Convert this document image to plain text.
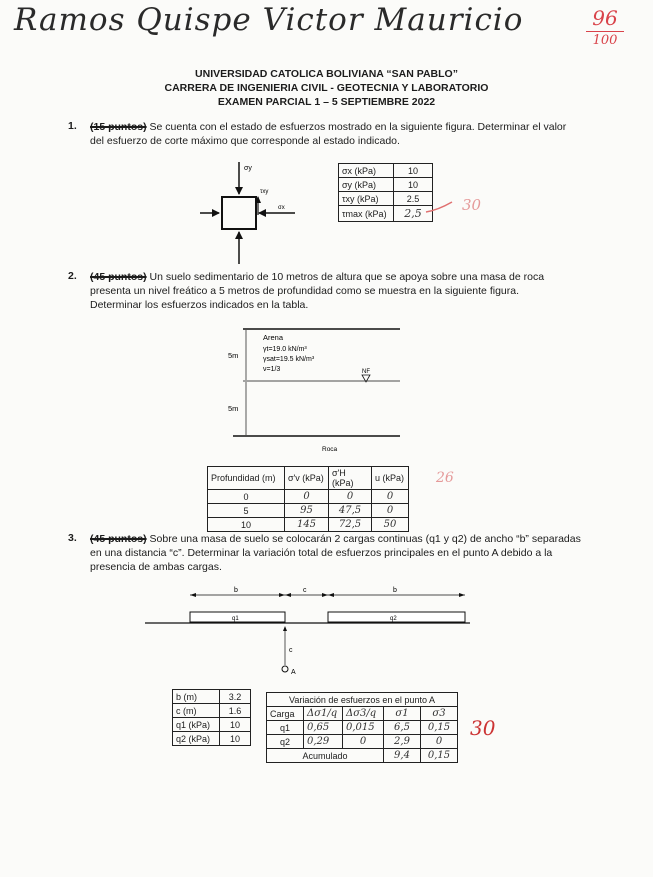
Ramos Quispe Victor Mauricio	96
100
UNIVERSIDAD CATOLICA BOLIVIANA “SAN PABLO”
CARRERA DE INGENIERIA CIVIL - GEOTECNIA Y LABORATORIO
EXAMEN PARCIAL 1 – 5 SEPTIEMBRE 2022
1. (15 puntos) Se cuenta con el estado de esfuerzos mostrado en la siguiente figura. Determinar el valor
del esfuerzo de corte máximo que corresponde al estado indicado.
σy
τxy
σx
σx (kPa)	10
σy (kPa)	10
τxy (kPa)	2.5
τmax (kPa)	2,5	30
2. (45 puntos) Un suelo sedimentario de 10 metros de altura que se apoya sobre una masa de roca
presenta un nivel freático a 5 metros de profundidad como se muestra en la siguiente figura.
Determinar los esfuerzos indicados en la tabla.
Arena
γt=19.0 kN/m³
γsat=19.5 kN/m³
ν=1/3	NF
5m
5m
Roca
Profundidad (m)	σ'v (kPa)	σ'H (kPa)	u (kPa)
0	0	0	0
5	95	47,5	0
10	145	72,5	50
26
3. (45 puntos) Sobre una masa de suelo se colocarán 2 cargas continuas (q1 y q2) de ancho “b” separadas
en una distancia “c”. Determinar la variación total de esfuerzos principales en el punto A debido a la
presencia de ambas cargas.
b	c	b
q1	q2
c
A
b (m)	3.2
c (m)	1.6
q1 (kPa)	10
q2 (kPa)	10
Variación de esfuerzos en el punto A				
Carga	Δσ1/q	Δσ3/q	σ1	σ3
q1	0,65	0,015	6,5	0,15
q2	0,29	0	2,9	0
Acumulado			9,4	0,15
30
